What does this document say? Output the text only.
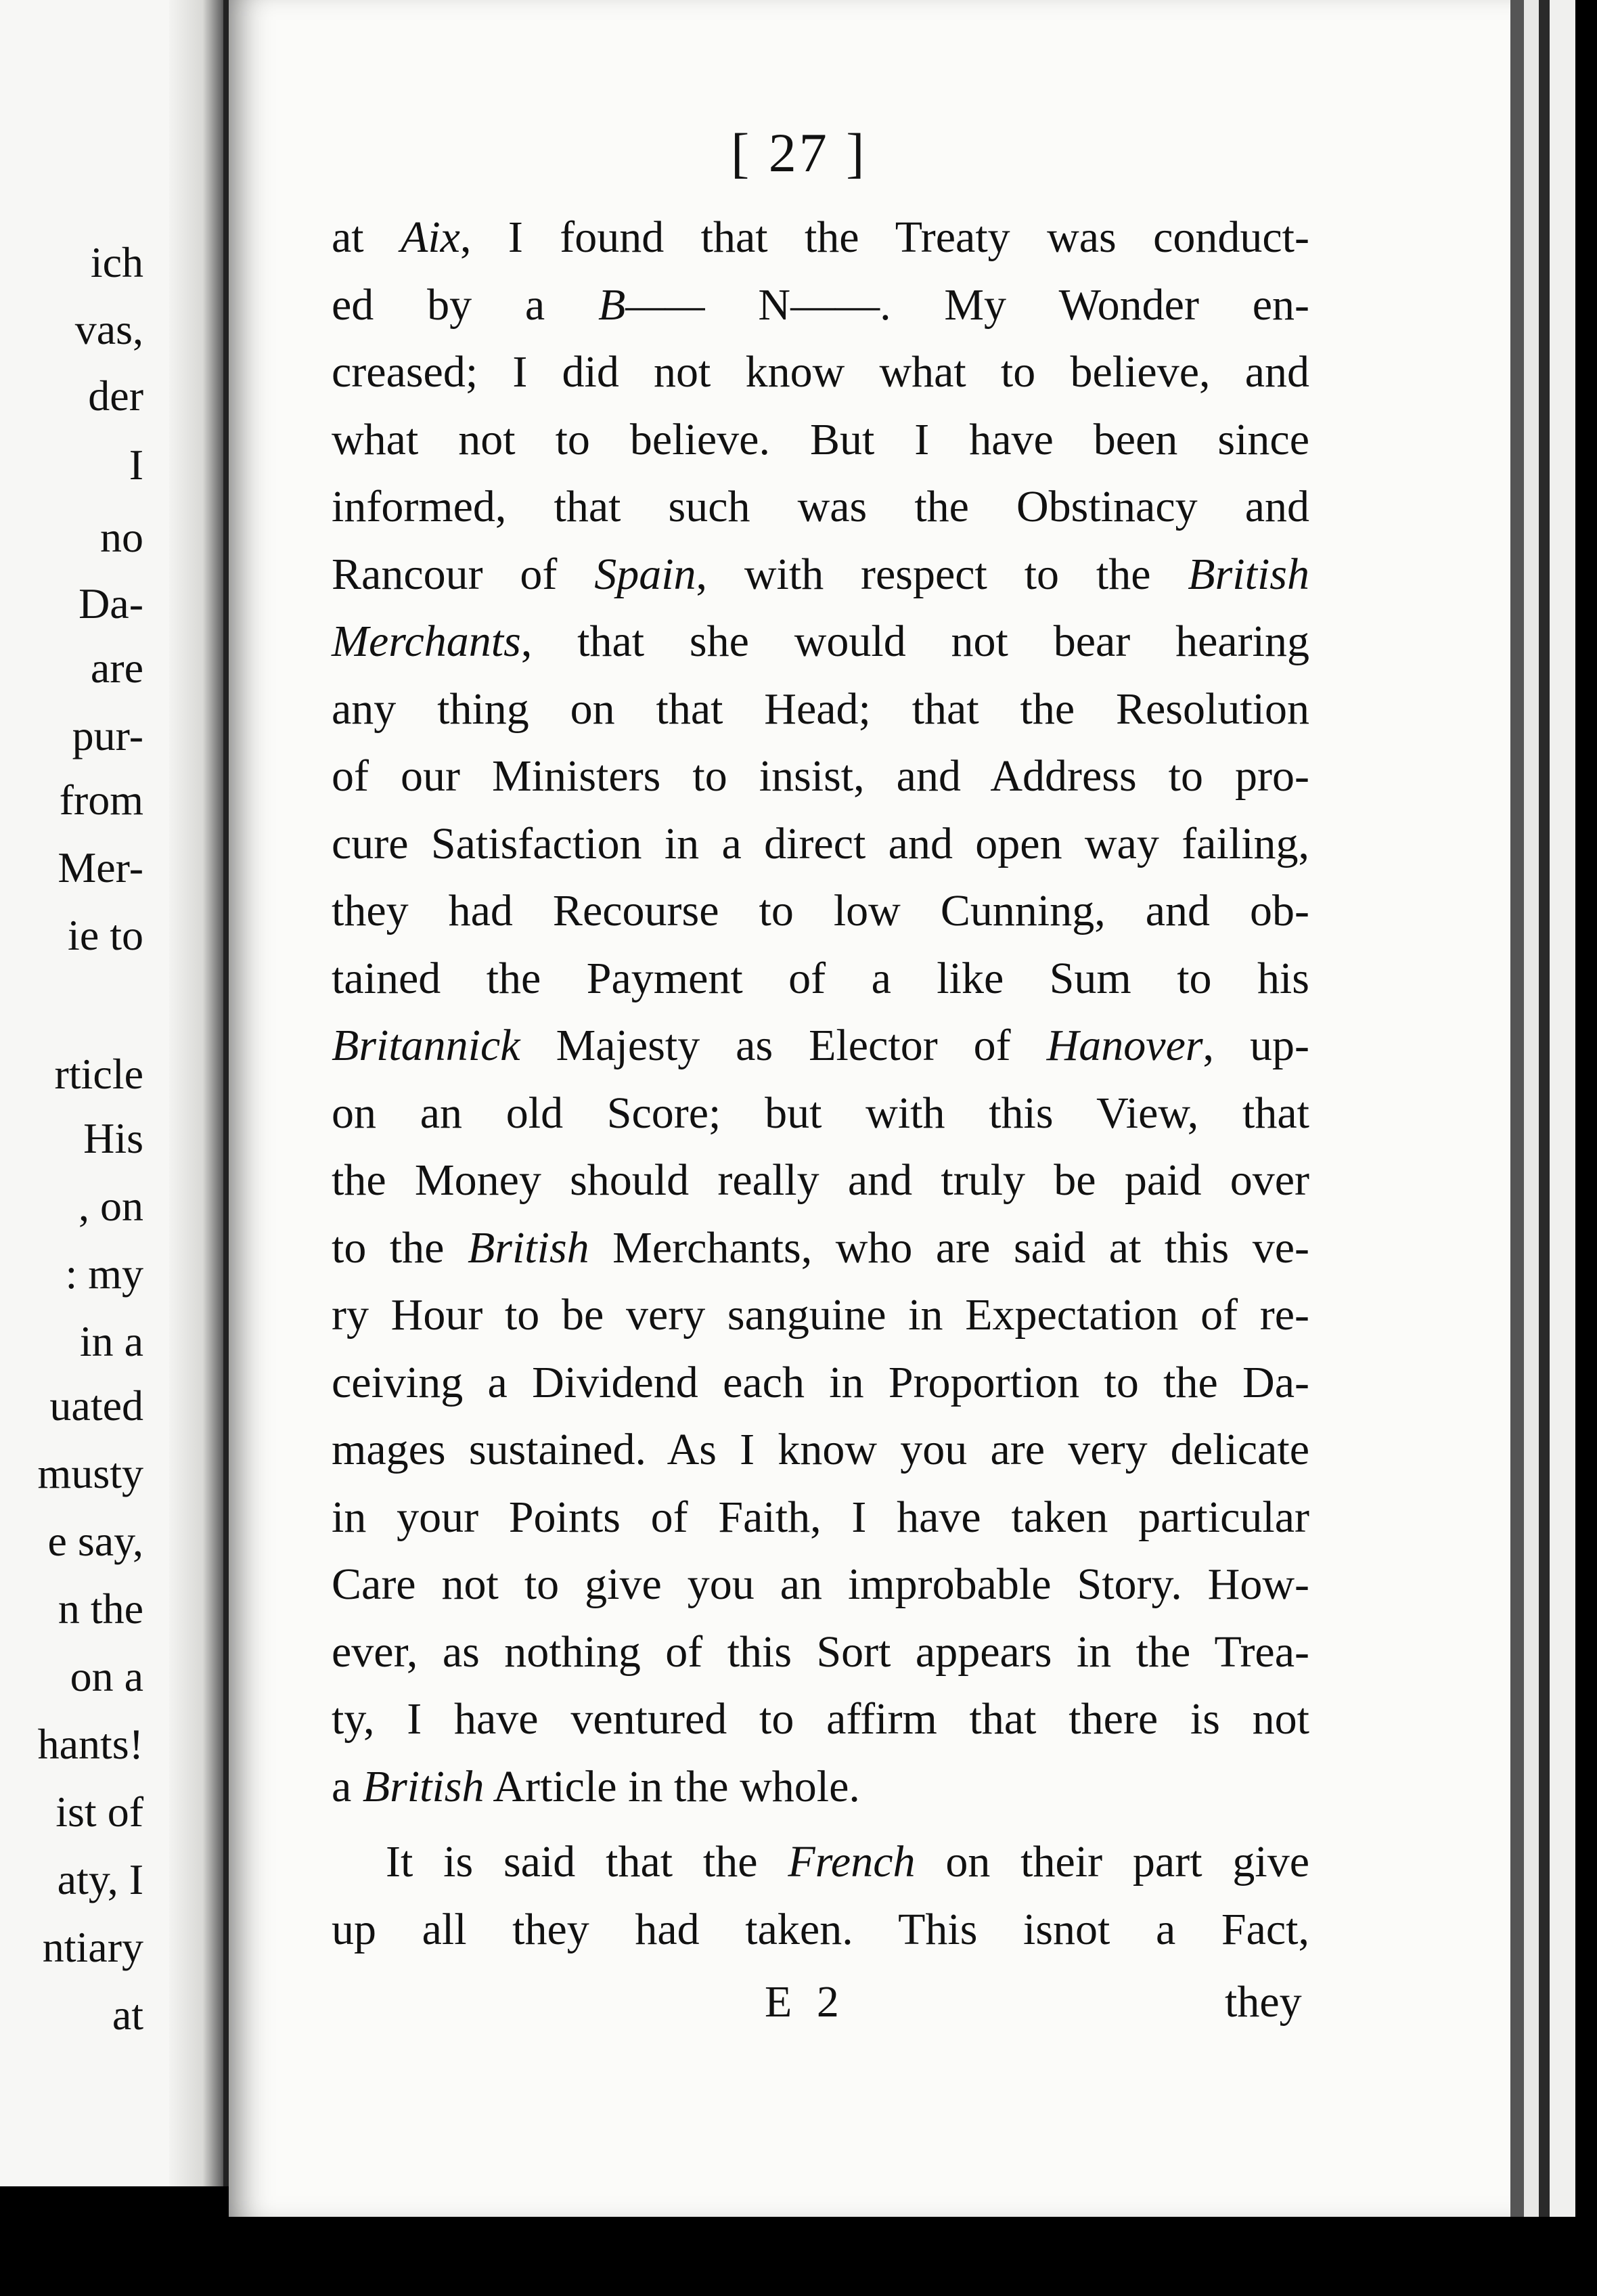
ich
vas,
der
I
no
Da-
are
pur-
from
Mer-
ie to
rticle
His
, on
: my
in a
uated
musty
e say,
n the
on a
hants!
ist of
aty, I
ntiary
at
[ 27 ]
at Aix, I found that the Treaty was conduct-
ed by a B—— N——. My Wonder en-
creased; I did not know what to believe, and
what not to believe. But I have been since
informed, that such was the Obstinacy and
Rancour of Spain, with respect to the British
Merchants, that she would not bear hearing
any thing on that Head; that the Resolution
of our Ministers to insist, and Address to pro-
cure Satisfaction in a direct and open way failing,
they had Recourse to low Cunning, and ob-
tained the Payment of a like Sum to his
Britannick Majesty as Elector of Hanover, up-
on an old Score; but with this View, that
the Money should really and truly be paid over
to the British Merchants, who are said at this ve-
ry Hour to be very sanguine in Expectation of re-
ceiving a Dividend each in Proportion to the Da-
mages sustained. As I know you are very delicate
in your Points of Faith, I have taken particular
Care not to give you an improbable Story. How-
ever, as nothing of this Sort appears in the Trea-
ty, I have ventured to affirm that there is not
a British Article in the whole.
It is said that the French on their part give
up all they had taken. This isnot a Fact,
E 2	they
